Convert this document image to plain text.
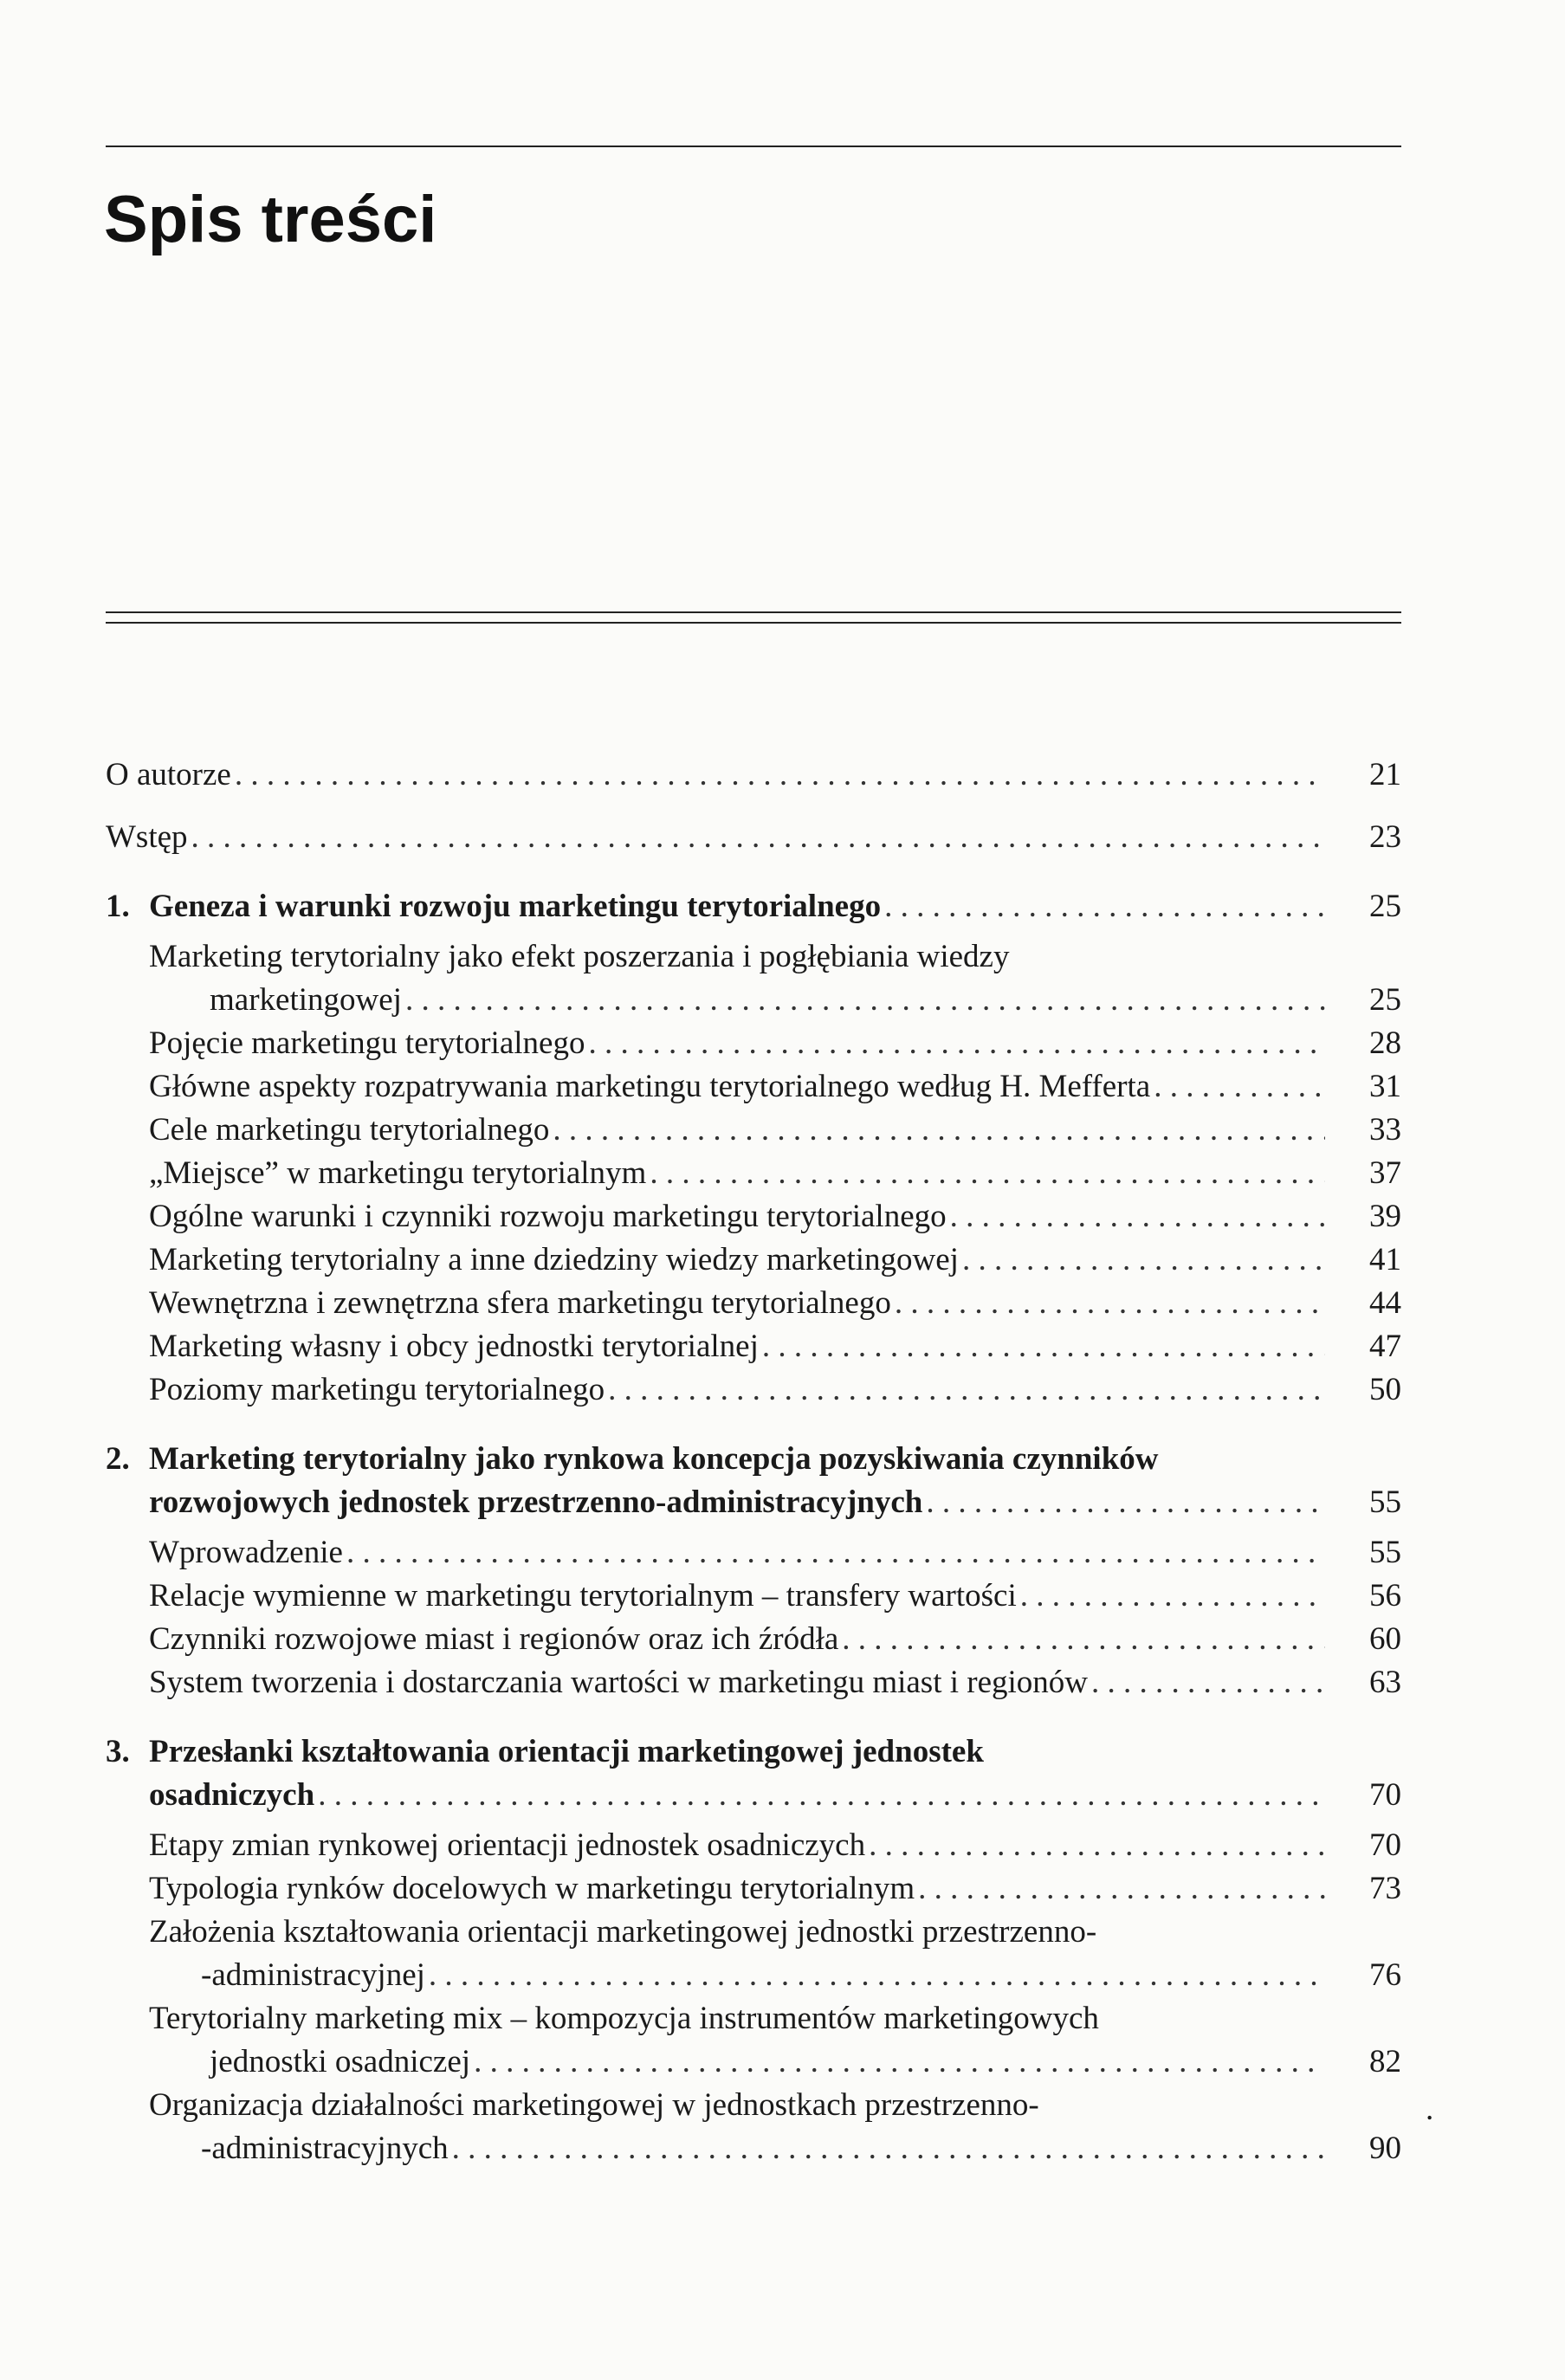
Spis treści
O autorze . . .	21
Wstęp . . .	23
1. Geneza i warunki rozwoju marketingu terytorialnego . . .	25
Marketing terytorialny jako efekt poszerzania i pogłębiania wiedzy
marketingowej . . .	25
Pojęcie marketingu terytorialnego . . .	28
Główne aspekty rozpatrywania marketingu terytorialnego według H. Mefferta . . .	31
Cele marketingu terytorialnego . . .	33
„Miejsce” w marketingu terytorialnym . . .	37
Ogólne warunki i czynniki rozwoju marketingu terytorialnego . . .	39
Marketing terytorialny a inne dziedziny wiedzy marketingowej . . .	41
Wewnętrzna i zewnętrzna sfera marketingu terytorialnego . . .	44
Marketing własny i obcy jednostki terytorialnej . . .	47
Poziomy marketingu terytorialnego . . .	50
2. Marketing terytorialny jako rynkowa koncepcja pozyskiwania czynników
rozwojowych jednostek przestrzenno-administracyjnych . . .	55
Wprowadzenie . . .	55
Relacje wymienne w marketingu terytorialnym – transfery wartości . . .	56
Czynniki rozwojowe miast i regionów oraz ich źródła . . .	60
System tworzenia i dostarczania wartości w marketingu miast i regionów . . .	63
3. Przesłanki kształtowania orientacji marketingowej jednostek
osadniczych . . .	70
Etapy zmian rynkowej orientacji jednostek osadniczych . . .	70
Typologia rynków docelowych w marketingu terytorialnym . . .	73
Założenia kształtowania orientacji marketingowej jednostki przestrzenno-
-administracyjnej . . .	76
Terytorialny marketing mix – kompozycja instrumentów marketingowych
jednostki osadniczej . . .	82
Organizacja działalności marketingowej w jednostkach przestrzenno-
-administracyjnych . . .	90
.
